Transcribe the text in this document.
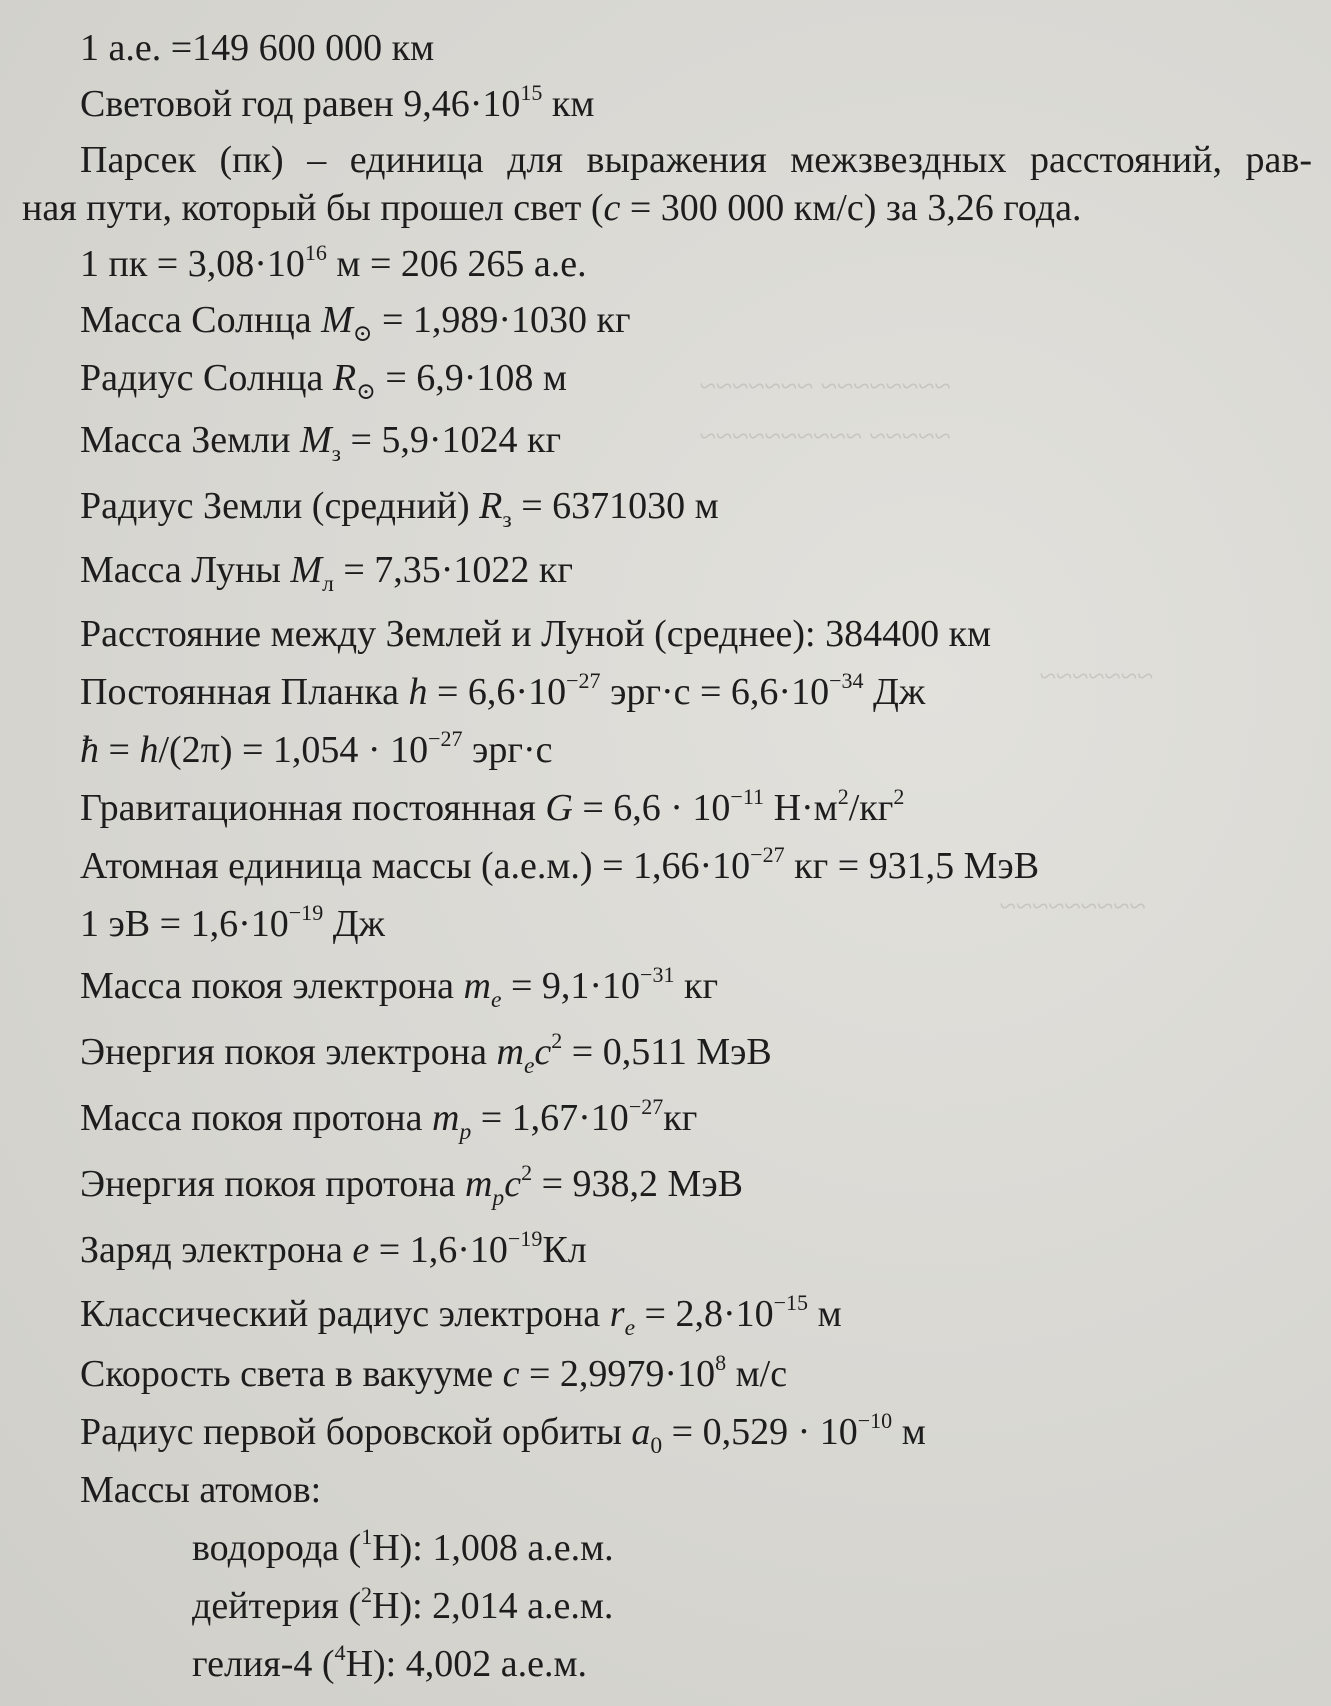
~~~~~~~~ ~~~~~~~
~~~~~ ~~~~~~~~~~
~~~~~~~
~~~~~~~~~
1 а.е. =149 600 000 км
Световой год равен $9,46\cdot 10^{15}$ км
Парсек (пк) – единица для выражения межзвездных расстояний, рав-
ная пути, который бы прошел свет (c = 300 000 км/с) за 3,26 года.
1 пк = $3,08\cdot 10^{16}$ м = 206 265 а.е.
Масса Солнца $M_⊙ = 1,989\cdot 1030$ кг
Радиус Солнца $R_⊙ = 6,9\cdot 108$ м
Масса Земли $M_з = 5,9\cdot 1024$ кг
Радиус Земли (средний) $R_з = 6371030$ м
Масса Луны $M_л = 7,35\cdot 1022$ кг
Расстояние между Землей и Луной (среднее): 384400 км
Постоянная Планка $h = 6,6\cdot 10^{-27}$ $эрг\cdot с = 6,6\cdot 10^{-34}$ Дж
ħ = $h/(2\pi) = 1,054 \cdot 10^{-27}$ эрг·с
Гравитационная постоянная $G = 6,6 \cdot 10^{-11}$ $Н\cdot м^2/кг^2$
Атомная единица массы $(а.е.м.) = 1,66\cdot 10^{-27}$ кг = 931,5 МэВ
1 эВ = $1,6\cdot 10^{-19}$ Дж
Масса покоя электрона $m_e = 9,1\cdot 10^{-31}$ кг
Энергия покоя электрона $m_ec^2 = 0,511$ МэВ
Масса покоя протона $m_p = 1,67\cdot 10^{-27}кг$
Энергия покоя протона $m_pc^2 = 938,2$ МэВ
Заряд электрона $e = 1,6\cdot 10^{-19}Кл$
Классический радиус электрона $r_e = 2,8\cdot 10^{-15}$ м
Скорость света в вакууме $c = 2,9979\cdot 10^8$ м/с
Радиус первой боровской орбиты $a_0 = 0,529 \cdot 10^{-10}$ м
Массы атомов:
водорода ($^1$H): 1,008 а.е.м.
дейтерия ($^2$H): 2,014 а.е.м.
гелия-4 ($^4$H): 4,002 а.е.м.
